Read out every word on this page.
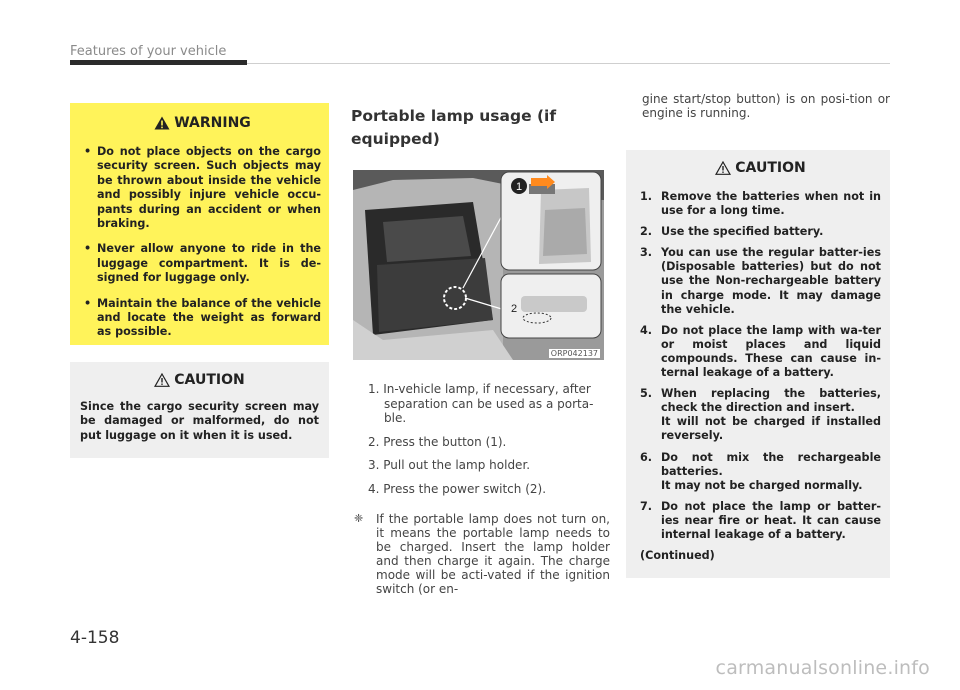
Features of your vehicle
WARNING
• Do not place objects on the cargo security screen. Such objects may be thrown about inside the vehicle and possibly injure vehicle occu-pants during an accident or when braking.
• Never allow anyone to ride in the luggage compartment. It is de-signed for luggage only.
• Maintain the balance of the vehicle and locate the weight as forward as possible.
CAUTION
Since the cargo security screen may be damaged or malformed, do not put luggage on it when it is used.
Portable lamp usage (if equipped)
1
2
ORP042137
1. In-vehicle lamp, if necessary, after separation can be used as a porta-ble.
2. Press the button (1).
3. Pull out the lamp holder.
4. Press the power switch (2).
❈ If the portable lamp does not turn on, it means the portable lamp needs to be charged. Insert the lamp holder and then charge it again. The charge mode will be acti-vated if the ignition switch (or en-
gine start/stop button) is on posi-tion or engine is running.
CAUTION
1. Remove the batteries when not in use for a long time.
2. Use the specified battery.
3. You can use the regular batter-ies (Disposable batteries) but do not use the Non-rechargeable battery in charge mode. It may damage the vehicle.
4. Do not place the lamp with wa-ter or moist places and liquid compounds. These can cause in-ternal leakage of a battery.
5. When replacing the batteries, check the direction and insert.
It will not be charged if installed reversely.
6. Do not mix the rechargeable batteries.
It may not be charged normally.
7. Do not place the lamp or batter-ies near fire or heat. It can cause internal leakage of a battery.
(Continued)
4-158
carmanualsonline.info
